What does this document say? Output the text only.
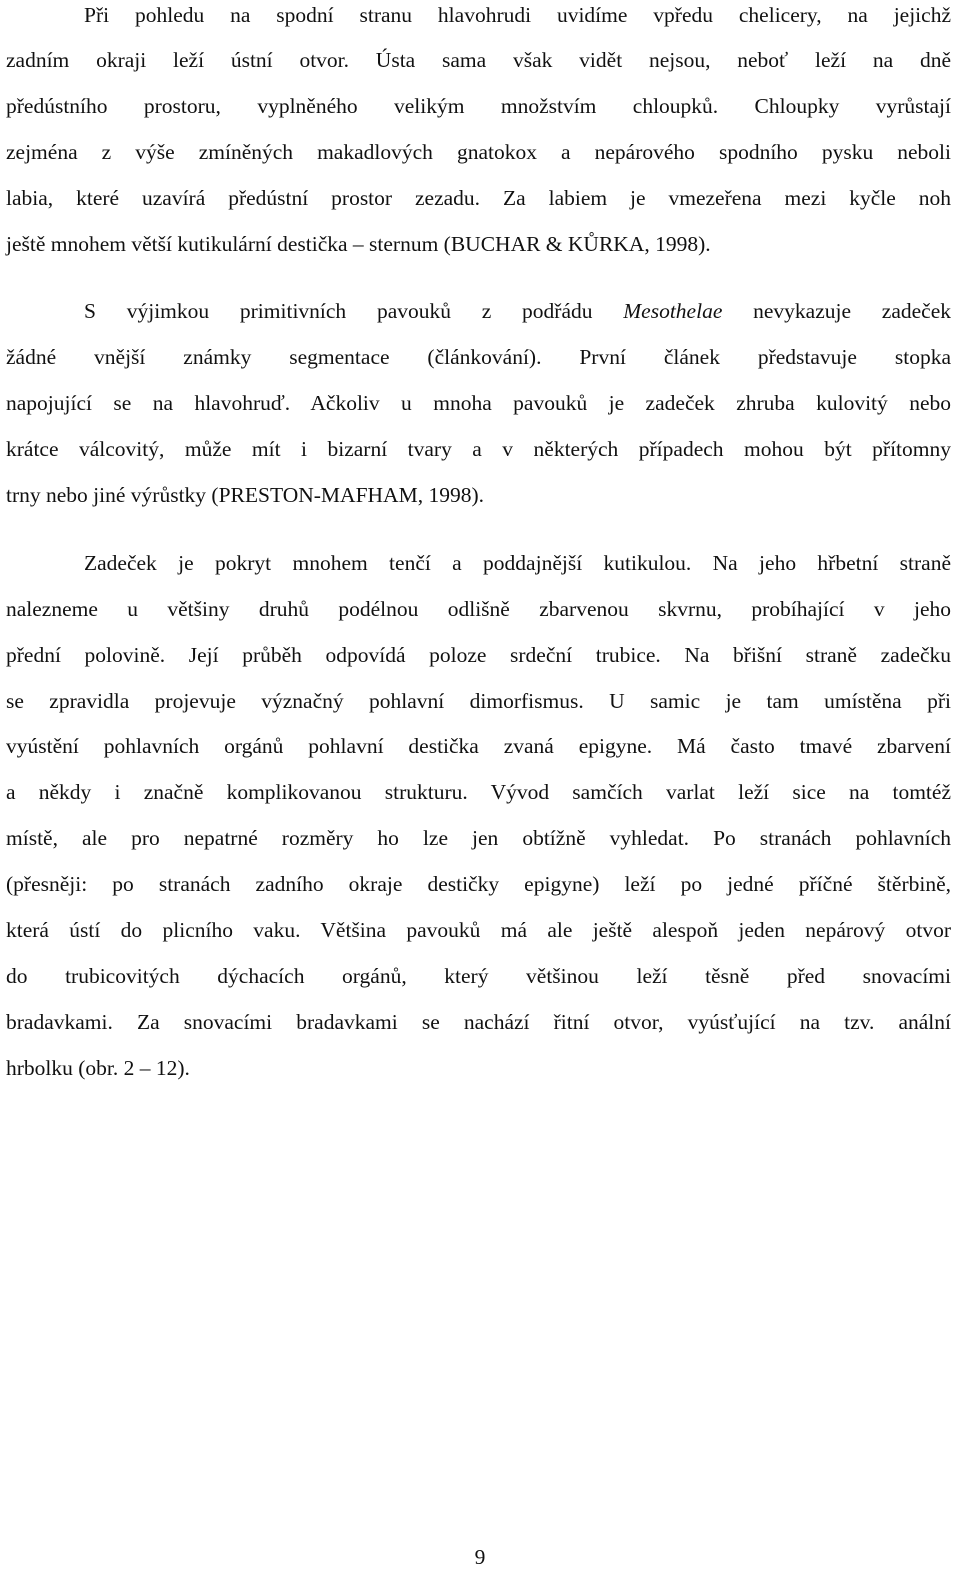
Při pohledu na spodní stranu hlavohrudi uvidíme vpředu chelicery, na jejichž
zadním okraji leží ústní otvor. Ústa sama však vidět nejsou, neboť leží na dně
předústního prostoru, vyplněného velikým množstvím chloupků. Chloupky vyrůstají
zejména z výše zmíněných makadlových gnatokox a nepárového spodního pysku neboli
labia, které uzavírá předústní prostor zezadu. Za labiem je vmezeřena mezi kyčle noh
ještě mnohem větší kutikulární destička – sternum (BUCHAR & KŮRKA, 1998).
S výjimkou primitivních pavouků z podřádu Mesothelae nevykazuje zadeček
žádné vnější známky segmentace (článkování). První článek představuje stopka
napojující se na hlavohruď. Ačkoliv u mnoha pavouků je zadeček zhruba kulovitý nebo
krátce válcovitý, může mít i bizarní tvary a v některých případech mohou být přítomny
trny nebo jiné výrůstky (PRESTON-MAFHAM, 1998).
Zadeček je pokryt mnohem tenčí a poddajnější kutikulou. Na jeho hřbetní straně
nalezneme u většiny druhů podélnou odlišně zbarvenou skvrnu, probíhající v jeho
přední polovině. Její průběh odpovídá poloze srdeční trubice. Na břišní straně zadečku
se zpravidla projevuje význačný pohlavní dimorfismus. U samic je tam umístěna při
vyústění pohlavních orgánů pohlavní destička zvaná epigyne. Má často tmavé zbarvení
a někdy i značně komplikovanou strukturu. Vývod samčích varlat leží sice na tomtéž
místě, ale pro nepatrné rozměry ho lze jen obtížně vyhledat. Po stranách pohlavních
(přesněji: po stranách zadního okraje destičky epigyne) leží po jedné příčné štěrbině,
která ústí do plicního vaku. Většina pavouků má ale ještě alespoň jeden nepárový otvor
do trubicovitých dýchacích orgánů, který většinou leží těsně před snovacími
bradavkami. Za snovacími bradavkami se nachází řitní otvor, vyúsťující na tzv. anální
hrbolku (obr. 2 – 12).
9
